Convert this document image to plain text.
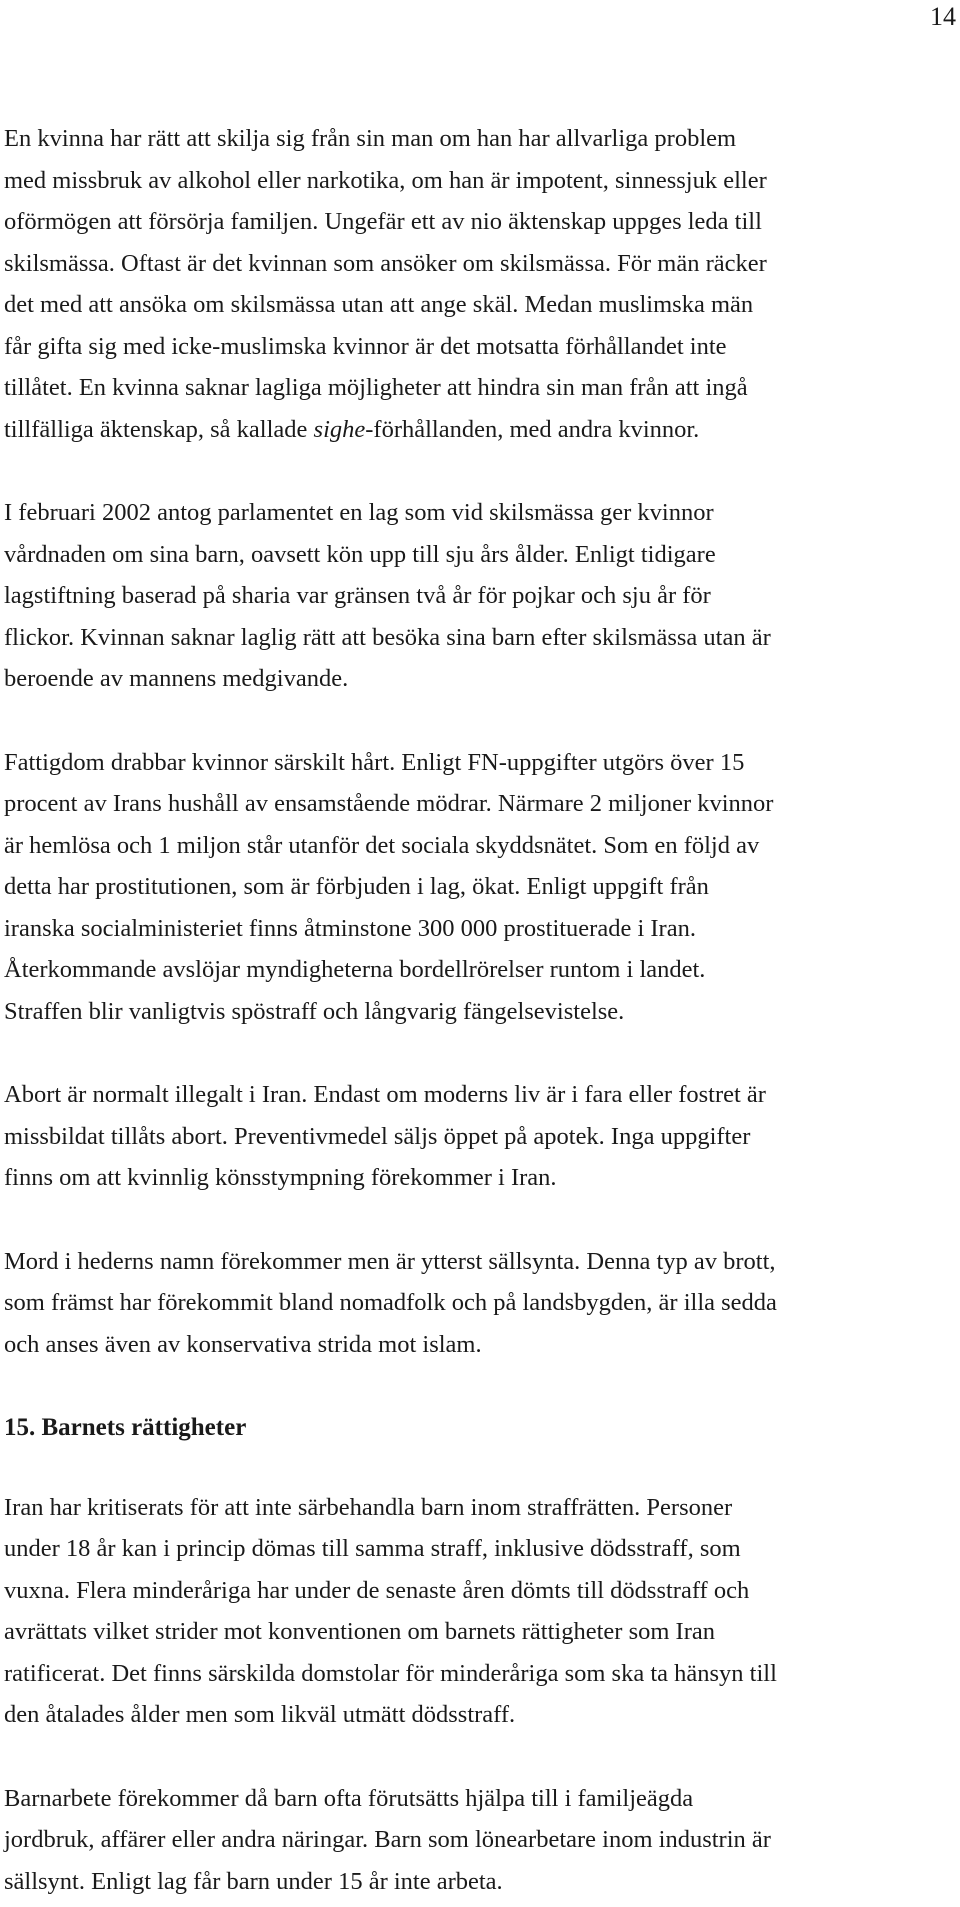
14

En kvinna har rätt att skilja sig från sin man om han har allvarliga problem
med missbruk av alkohol eller narkotika, om han är impotent, sinnessjuk eller
oförmögen att försörja familjen. Ungefär ett av nio äktenskap uppges leda till
skilsmässa. Oftast är det kvinnan som ansöker om skilsmässa. För män räcker
det med att ansöka om skilsmässa utan att ange skäl. Medan muslimska män
får gifta sig med icke-muslimska kvinnor är det motsatta förhållandet inte
tillåtet. En kvinna saknar lagliga möjligheter att hindra sin man från att ingå
tillfälliga äktenskap, så kallade sighe-förhållanden, med andra kvinnor.

I februari 2002 antog parlamentet en lag som vid skilsmässa ger kvinnor
vårdnaden om sina barn, oavsett kön upp till sju års ålder. Enligt tidigare
lagstiftning baserad på sharia var gränsen två år för pojkar och sju år för
flickor. Kvinnan saknar laglig rätt att besöka sina barn efter skilsmässa utan är
beroende av mannens medgivande.

Fattigdom drabbar kvinnor särskilt hårt. Enligt FN-uppgifter utgörs över 15
procent av Irans hushåll av ensamstående mödrar. Närmare 2 miljoner kvinnor
är hemlösa och 1 miljon står utanför det sociala skyddsnätet. Som en följd av
detta har prostitutionen, som är förbjuden i lag, ökat. Enligt uppgift från
iranska socialministeriet finns åtminstone 300 000 prostituerade i Iran.
Återkommande avslöjar myndigheterna bordellrörelser runtom i landet.
Straffen blir vanligtvis spöstraff och långvarig fängelsevistelse.

Abort är normalt illegalt i Iran. Endast om moderns liv är i fara eller fostret är
missbildat tillåts abort. Preventivmedel säljs öppet på apotek. Inga uppgifter
finns om att kvinnlig könsstympning förekommer i Iran.

Mord i hederns namn förekommer men är ytterst sällsynta. Denna typ av brott,
som främst har förekommit bland nomadfolk och på landsbygden, är illa sedda
och anses även av konservativa strida mot islam.

15. Barnets rättigheter

Iran har kritiserats för att inte särbehandla barn inom straffrätten. Personer
under 18 år kan i princip dömas till samma straff, inklusive dödsstraff, som
vuxna. Flera minderåriga har under de senaste åren dömts till dödsstraff och
avrättats vilket strider mot konventionen om barnets rättigheter som Iran
ratificerat. Det finns särskilda domstolar för minderåriga som ska ta hänsyn till
den åtalades ålder men som likväl utmätt dödsstraff.

Barnarbete förekommer då barn ofta förutsätts hjälpa till i familjeägda
jordbruk, affärer eller andra näringar. Barn som lönearbetare inom industrin är
sällsynt. Enligt lag får barn under 15 år inte arbeta.
